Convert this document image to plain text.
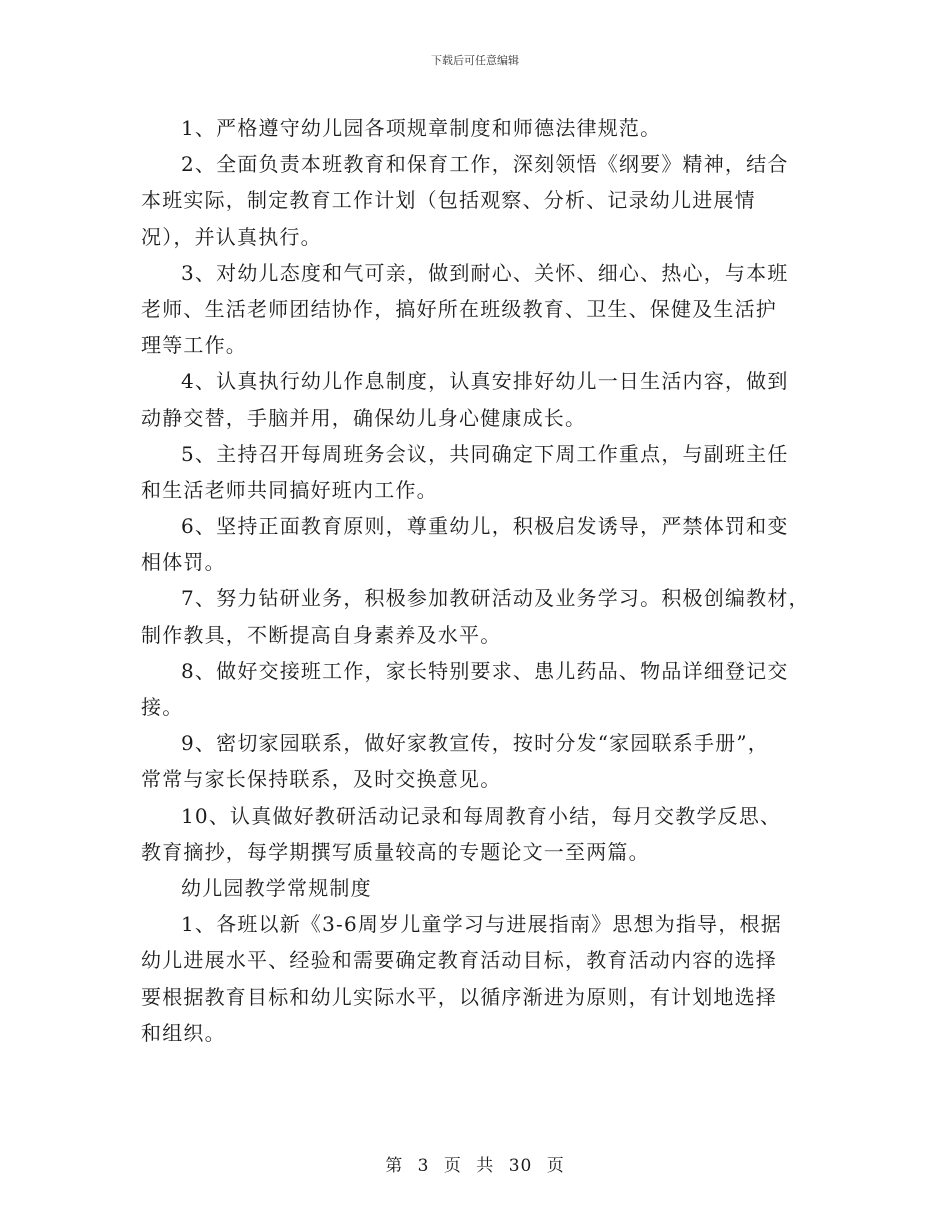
下载后可任意编辑

1、严格遵守幼儿园各项规章制度和师德法律规范。

2、全面负责本班教育和保育工作，深刻领悟《纲要》精神，结合
本班实际，制定教育工作计划（包括观察、分析、记录幼儿进展情
况），并认真执行。

3、对幼儿态度和气可亲，做到耐心、关怀、细心、热心，与本班
老师、生活老师团结协作，搞好所在班级教育、卫生、保健及生活护
理等工作。

4、认真执行幼儿作息制度，认真安排好幼儿一日生活内容，做到
动静交替，手脑并用，确保幼儿身心健康成长。

5、主持召开每周班务会议，共同确定下周工作重点，与副班主任
和生活老师共同搞好班内工作。

6、坚持正面教育原则，尊重幼儿，积极启发诱导，严禁体罚和变
相体罚。

7、努力钻研业务，积极参加教研活动及业务学习。积极创编教材，
制作教具，不断提高自身素养及水平。

8、做好交接班工作，家长特别要求、患儿药品、物品详细登记交
接。

9、密切家园联系，做好家教宣传，按时分发“家园联系手册”，
常常与家长保持联系，及时交换意见。

10、认真做好教研活动记录和每周教育小结，每月交教学反思、
教育摘抄，每学期撰写质量较高的专题论文一至两篇。

幼儿园教学常规制度

1、各班以新《3-6周岁儿童学习与进展指南》思想为指导，根据
幼儿进展水平、经验和需要确定教育活动目标，教育活动内容的选择
要根据教育目标和幼儿实际水平，以循序渐进为原则，有计划地选择
和组织。

第 3 页 共 30 页
